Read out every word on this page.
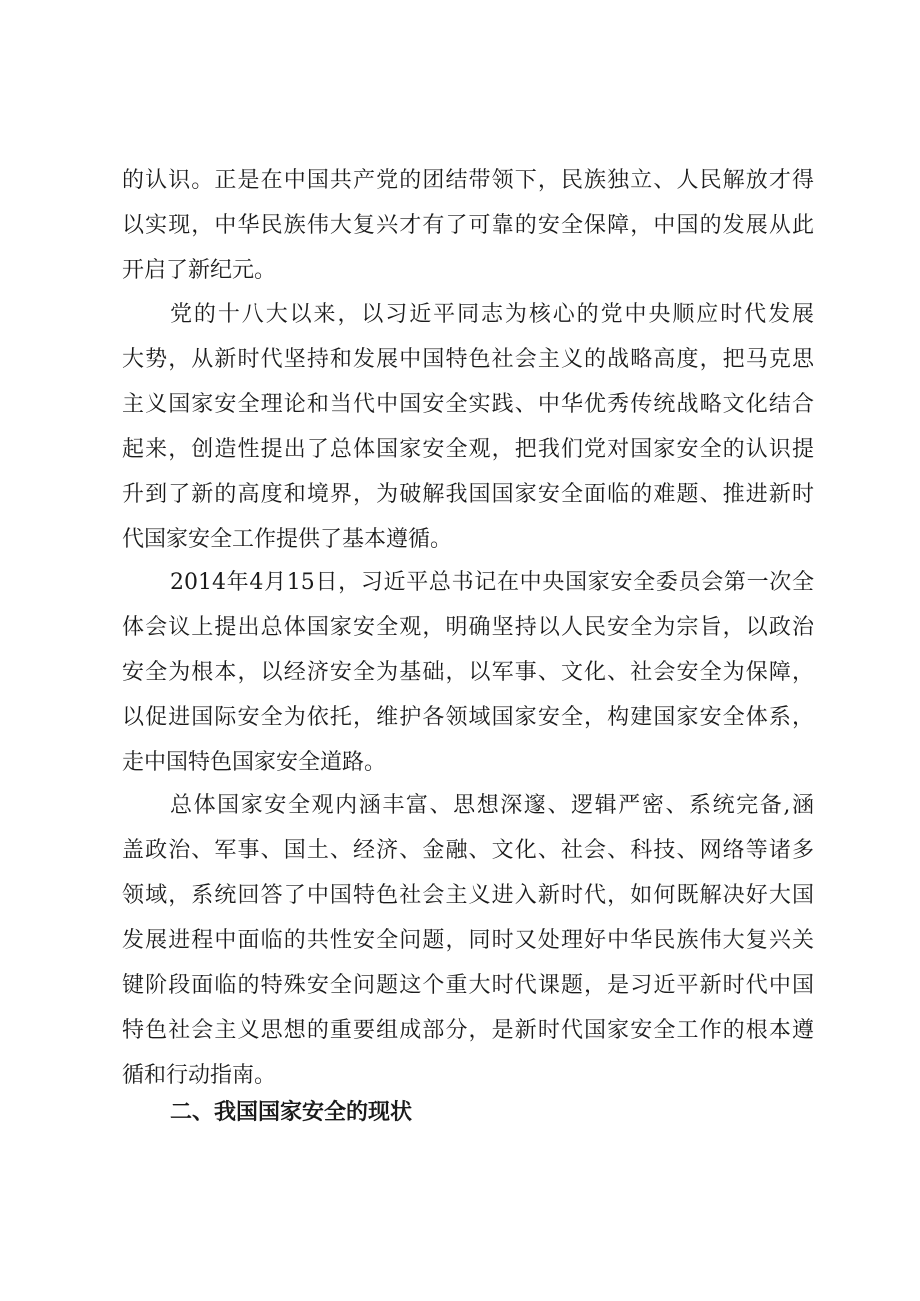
的认识。正是在中国共产党的团结带领下，民族独立、人民解放才得
以实现，中华民族伟大复兴才有了可靠的安全保障，中国的发展从此
开启了新纪元。
党的十八大以来，以习近平同志为核心的党中央顺应时代发展
大势，从新时代坚持和发展中国特色社会主义的战略高度，把马克思
主义国家安全理论和当代中国安全实践、中华优秀传统战略文化结合
起来，创造性提出了总体国家安全观，把我们党对国家安全的认识提
升到了新的高度和境界，为破解我国国家安全面临的难题、推进新时
代国家安全工作提供了基本遵循。
2014年4月15日，习近平总书记在中央国家安全委员会第一次全
体会议上提出总体国家安全观，明确坚持以人民安全为宗旨，以政治
安全为根本，以经济安全为基础，以军事、文化、社会安全为保障，
以促进国际安全为依托，维护各领域国家安全，构建国家安全体系，
走中国特色国家安全道路。
总体国家安全观内涵丰富、思想深邃、逻辑严密、系统完备,涵
盖政治、军事、国土、经济、金融、文化、社会、科技、网络等诸多
领域，系统回答了中国特色社会主义进入新时代，如何既解决好大国
发展进程中面临的共性安全问题，同时又处理好中华民族伟大复兴关
键阶段面临的特殊安全问题这个重大时代课题，是习近平新时代中国
特色社会主义思想的重要组成部分，是新时代国家安全工作的根本遵
循和行动指南。
二、我国国家安全的现状
